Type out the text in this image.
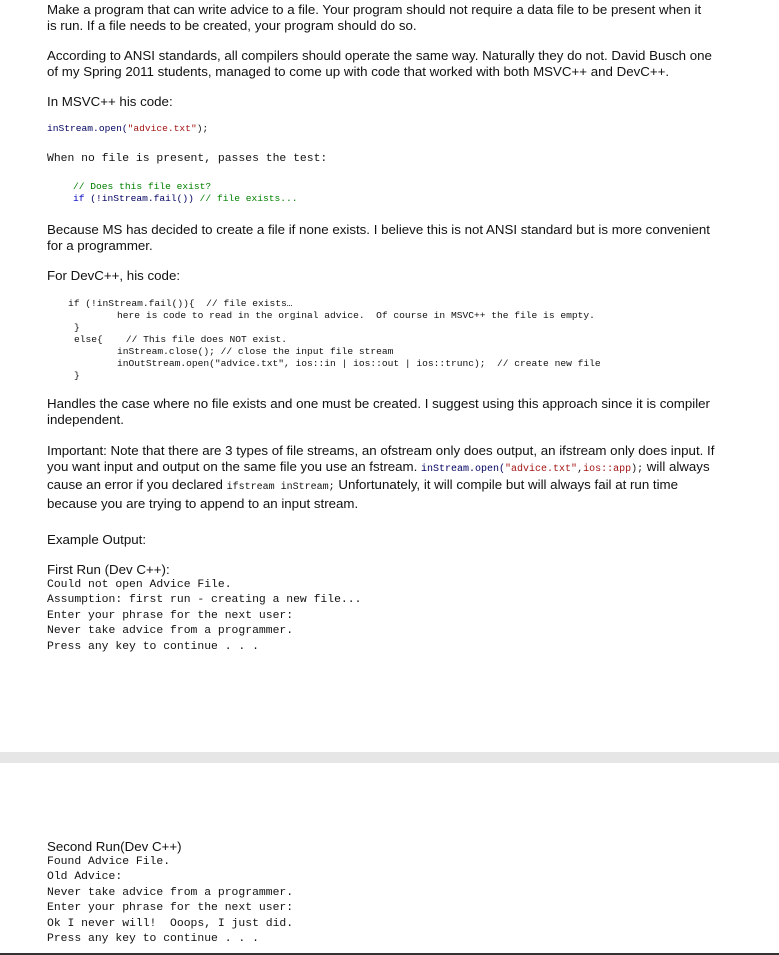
Make a program that can write advice to a file. Your program should not require a data file to be present when it is run. If a file needs to be created, your program should do so.

According to ANSI standards, all compilers should operate the same way. Naturally they do not. David Busch one of my Spring 2011 students, managed to come up with code that worked with both MSVC++ and DevC++.

In MSVC++ his code:

inStream.open("advice.txt");
When no file is present, passes the test:
// Does this file exist?
if (!inStream.fail()) // file exists...

Because MS has decided to create a file if none exists. I believe this is not ANSI standard but is more convenient for a programmer.

For DevC++, his code:

if (!inStream.fail()){  // file exists…
here is code to read in the orginal advice.  Of course in MSVC++ the file is empty.
}
else{    // This file does NOT exist.
inStream.close(); // close the input file stream
inOutStream.open("advice.txt", ios::in | ios::out | ios::trunc);  // create new file
}

Handles the case where no file exists and one must be created. I suggest using this approach since it is compiler independent.

Important: Note that there are 3 types of file streams, an ofstream only does output, an ifstream only does input. If you want input and output on the same file you use an fstream. inStream.open("advice.txt",ios::app); will always cause an error if you declared ifstream inStream; Unfortunately, it will compile but will always fail at run time because you are trying to append to an input stream.

Example Output:

First Run (Dev C++):

Could not open Advice File.
Assumption: first run - creating a new file...
Enter your phrase for the next user:
Never take advice from a programmer.
Press any key to continue . . .

Second Run(Dev C++)

Found Advice File.
Old Advice:
Never take advice from a programmer.
Enter your phrase for the next user:
Ok I never will!  Ooops, I just did.
Press any key to continue . . .
